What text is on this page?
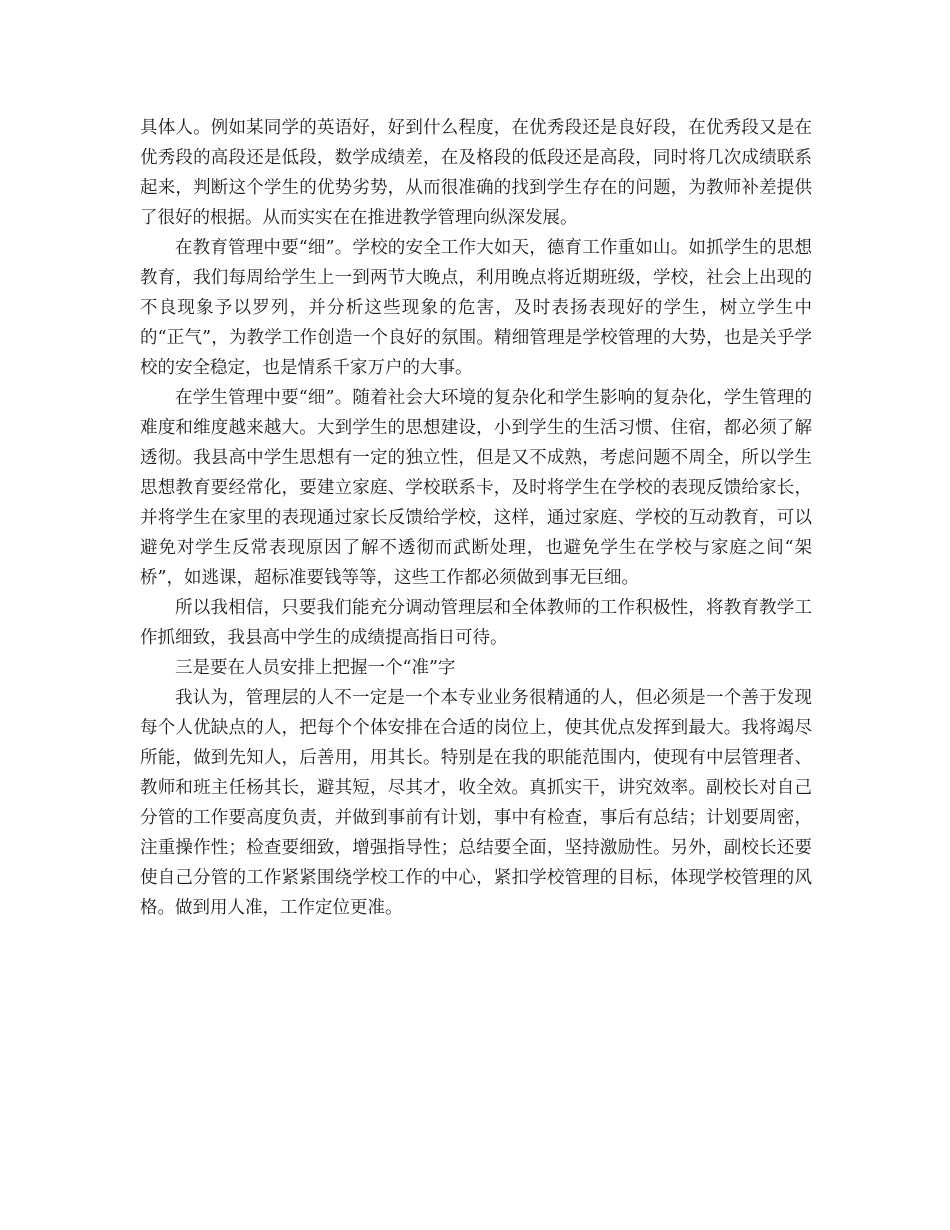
具体人。例如某同学的英语好，好到什么程度，在优秀段还是良好段，在优秀段又是在优秀段的高段还是低段，数学成绩差，在及格段的低段还是高段，同时将几次成绩联系起来，判断这个学生的优势劣势，从而很准确的找到学生存在的问题，为教师补差提供了很好的根据。从而实实在在推进教学管理向纵深发展。

在教育管理中要“细”。学校的安全工作大如天，德育工作重如山。如抓学生的思想教育，我们每周给学生上一到两节大晚点，利用晚点将近期班级，学校，社会上出现的不良现象予以罗列，并分析这些现象的危害，及时表扬表现好的学生，树立学生中的“正气”，为教学工作创造一个良好的氛围。精细管理是学校管理的大势，也是关乎学校的安全稳定，也是情系千家万户的大事。

在学生管理中要“细”。随着社会大环境的复杂化和学生影响的复杂化，学生管理的难度和维度越来越大。大到学生的思想建设，小到学生的生活习惯、住宿，都必须了解透彻。我县高中学生思想有一定的独立性，但是又不成熟，考虑问题不周全，所以学生思想教育要经常化，要建立家庭、学校联系卡，及时将学生在学校的表现反馈给家长，并将学生在家里的表现通过家长反馈给学校，这样，通过家庭、学校的互动教育，可以避免对学生反常表现原因了解不透彻而武断处理，也避免学生在学校与家庭之间“架桥”，如逃课，超标准要钱等等，这些工作都必须做到事无巨细。

所以我相信，只要我们能充分调动管理层和全体教师的工作积极性，将教育教学工作抓细致，我县高中学生的成绩提高指日可待。

三是要在人员安排上把握一个“准”字

我认为，管理层的人不一定是一个本专业业务很精通的人，但必须是一个善于发现每个人优缺点的人，把每个个体安排在合适的岗位上，使其优点发挥到最大。我将竭尽所能，做到先知人，后善用，用其长。特别是在我的职能范围内，使现有中层管理者、教师和班主任杨其长，避其短，尽其才，收全效。真抓实干，讲究效率。副校长对自己分管的工作要高度负责，并做到事前有计划，事中有检查，事后有总结；计划要周密，注重操作性；检查要细致，增强指导性；总结要全面，坚持激励性。另外，副校长还要使自己分管的工作紧紧围绕学校工作的中心，紧扣学校管理的目标，体现学校管理的风格。做到用人准，工作定位更准。
